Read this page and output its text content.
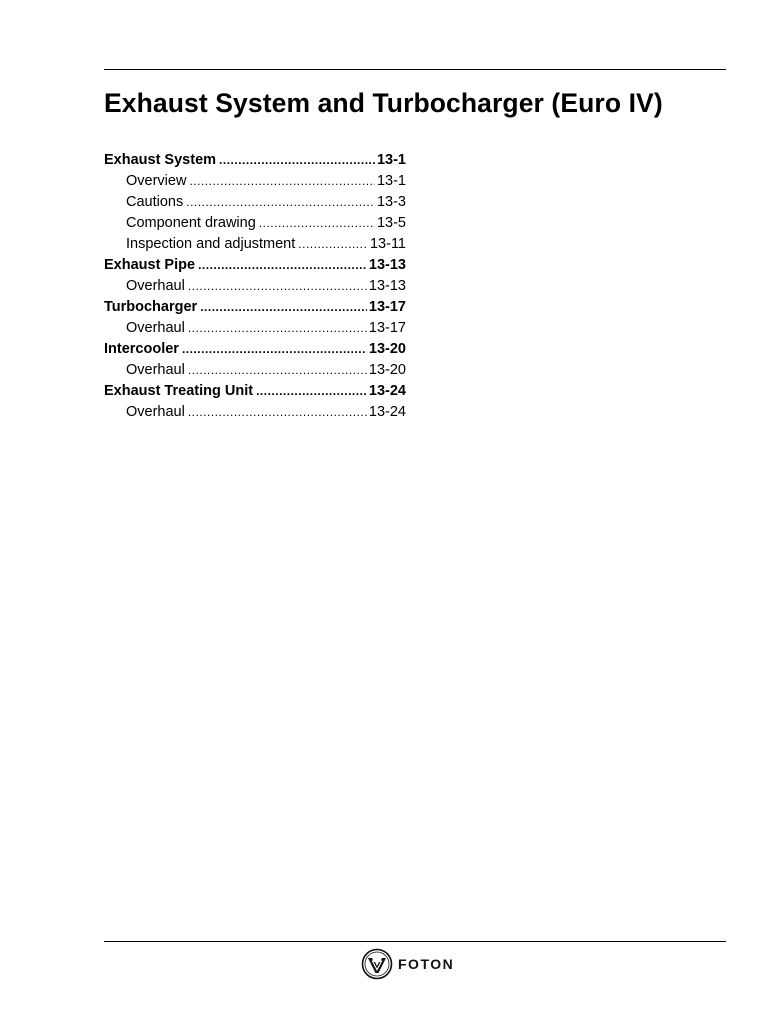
Exhaust System and Turbocharger (Euro IV)
Exhaust System .....	13-1
Overview .....	13-1
Cautions .....	13-3
Component drawing .....	13-5
Inspection and adjustment .....	13-11
Exhaust Pipe .....	13-13
Overhaul .....	13-13
Turbocharger .....	13-17
Overhaul .....	13-17
Intercooler .....	13-20
Overhaul .....	13-20
Exhaust Treating Unit .....	13-24
Overhaul .....	13-24
FOTON
